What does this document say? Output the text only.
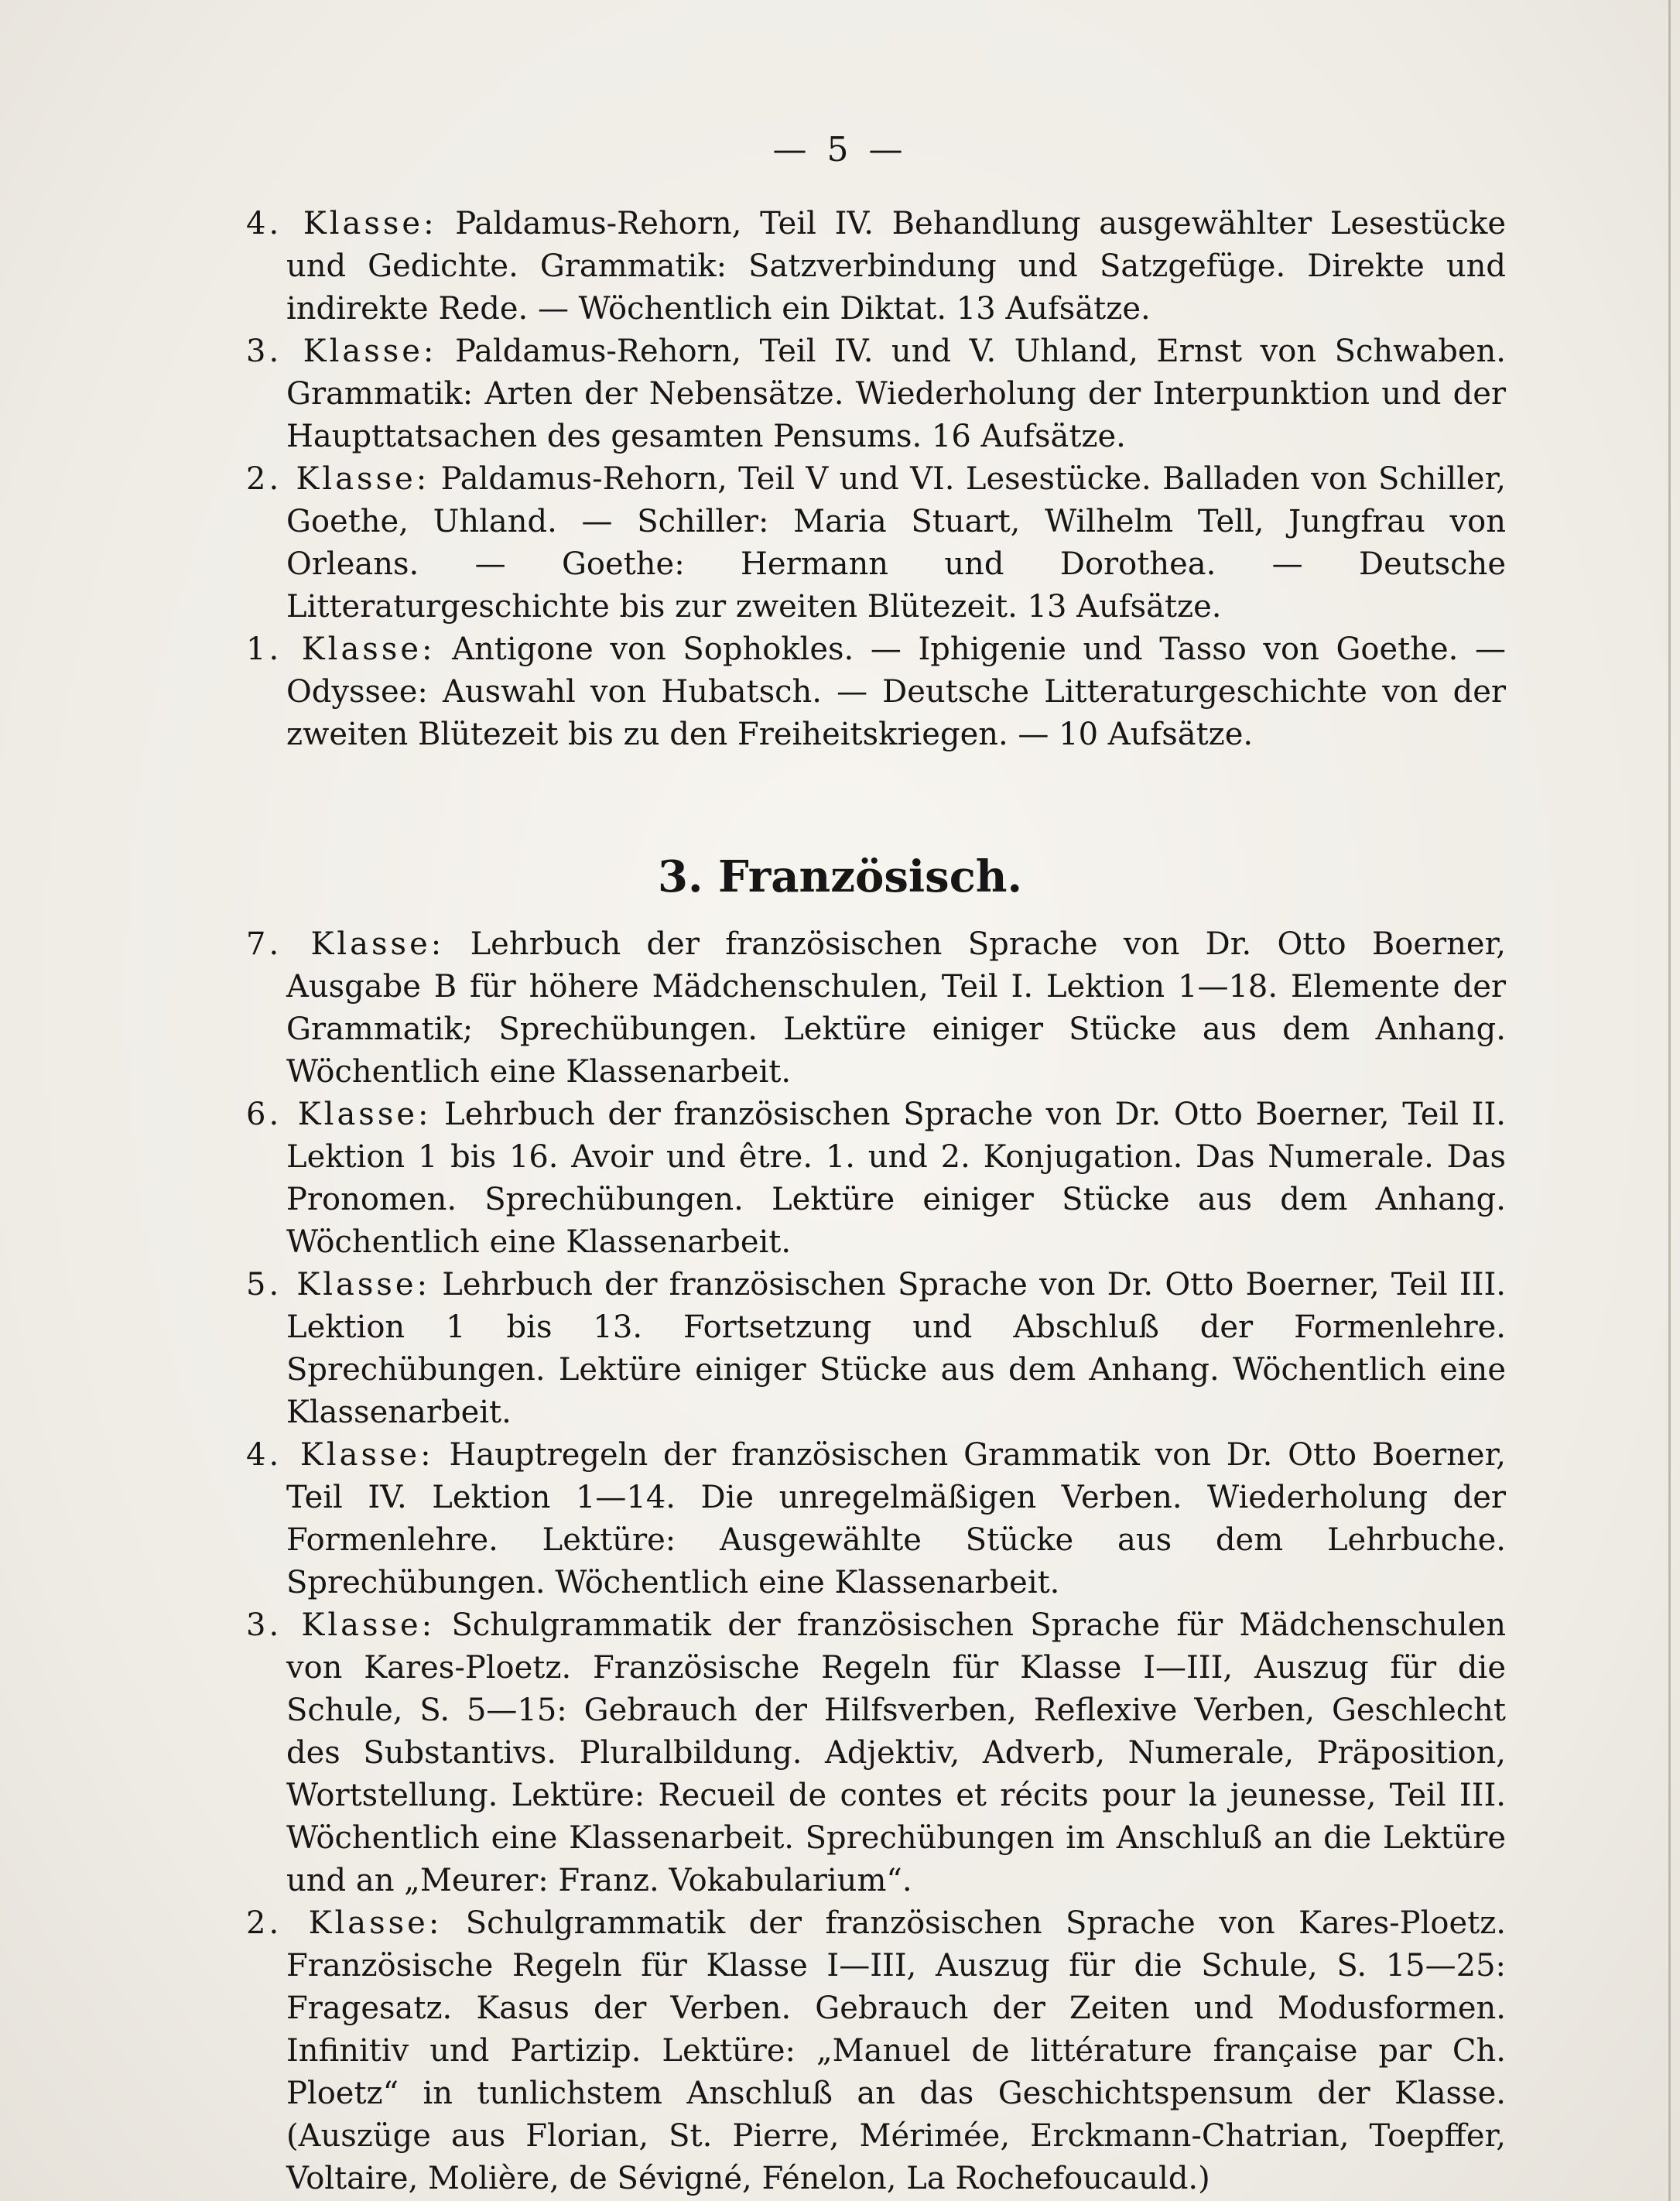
— 5 —

4. Klasse: Paldamus-Rehorn, Teil IV. Behandlung ausgewählter Lesestücke und Gedichte. Grammatik: Satzverbindung und Satzgefüge. Direkte und indirekte Rede. — Wöchentlich ein Diktat. 13 Aufsätze.

3. Klasse: Paldamus-Rehorn, Teil IV. und V. Uhland, Ernst von Schwaben. Grammatik: Arten der Nebensätze. Wiederholung der Interpunktion und der Haupttatsachen des gesamten Pensums. 16 Aufsätze.

2. Klasse: Paldamus-Rehorn, Teil V und VI. Lesestücke. Balladen von Schiller, Goethe, Uhland. — Schiller: Maria Stuart, Wilhelm Tell, Jungfrau von Orleans. — Goethe: Hermann und Dorothea. — Deutsche Litteraturgeschichte bis zur zweiten Blütezeit. 13 Aufsätze.

1. Klasse: Antigone von Sophokles. — Iphigenie und Tasso von Goethe. — Odyssee: Auswahl von Hubatsch. — Deutsche Litteraturgeschichte von der zweiten Blütezeit bis zu den Freiheitskriegen. — 10 Aufsätze.

3. Französisch.

7. Klasse: Lehrbuch der französischen Sprache von Dr. Otto Boerner, Ausgabe B für höhere Mädchenschulen, Teil I. Lektion 1—18. Elemente der Grammatik; Sprechübungen. Lektüre einiger Stücke aus dem Anhang. Wöchentlich eine Klassenarbeit.

6. Klasse: Lehrbuch der französischen Sprache von Dr. Otto Boerner, Teil II. Lektion 1 bis 16. Avoir und être. 1. und 2. Konjugation. Das Numerale. Das Pronomen. Sprechübungen. Lektüre einiger Stücke aus dem Anhang. Wöchentlich eine Klassenarbeit.

5. Klasse: Lehrbuch der französischen Sprache von Dr. Otto Boerner, Teil III. Lektion 1 bis 13. Fortsetzung und Abschluß der Formenlehre. Sprechübungen. Lektüre einiger Stücke aus dem Anhang. Wöchentlich eine Klassenarbeit.

4. Klasse: Hauptregeln der französischen Grammatik von Dr. Otto Boerner, Teil IV. Lektion 1—14. Die unregelmäßigen Verben. Wiederholung der Formenlehre. Lektüre: Ausgewählte Stücke aus dem Lehrbuche. Sprechübungen. Wöchentlich eine Klassenarbeit.

3. Klasse: Schulgrammatik der französischen Sprache für Mädchenschulen von Kares-Ploetz. Französische Regeln für Klasse I—III, Auszug für die Schule, S. 5—15: Gebrauch der Hilfsverben, Reflexive Verben, Geschlecht des Substantivs. Pluralbildung. Adjektiv, Adverb, Numerale, Präposition, Wortstellung. Lektüre: Recueil de contes et récits pour la jeunesse, Teil III. Wöchentlich eine Klassenarbeit. Sprechübungen im Anschluß an die Lektüre und an „Meurer: Franz. Vokabularium“.

2. Klasse: Schulgrammatik der französischen Sprache von Kares-Ploetz. Französische Regeln für Klasse I—III, Auszug für die Schule, S. 15—25: Fragesatz. Kasus der Verben. Gebrauch der Zeiten und Modusformen. Infinitiv und Partizip. Lektüre: „Manuel de littérature française par Ch. Ploetz“ in tunlichstem Anschluß an das Geschichtspensum der Klasse. (Auszüge aus Florian, St. Pierre, Mérimée, Erckmann-Chatrian, Toepffer, Voltaire, Molière, de Sévigné, Fénelon, La Rochefoucauld.)
